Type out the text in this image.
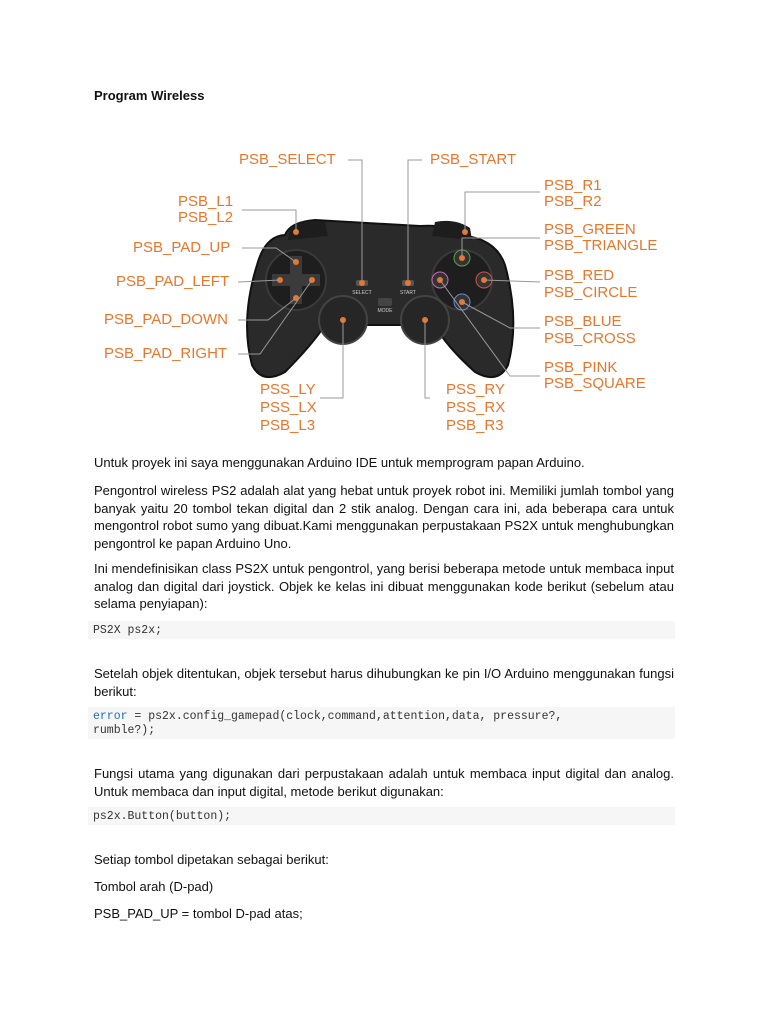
Program Wireless
SELECT	START
MODE
PSB_SELECT	PSB_START
PSB_L1
PSB_L2
PSB_PAD_UP
PSB_PAD_LEFT
PSB_PAD_DOWN
PSB_PAD_RIGHT
PSS_LY
PSS_LX
PSB_L3
PSS_RY
PSS_RX
PSB_R3
PSB_R1
PSB_R2
PSB_GREEN
PSB_TRIANGLE
PSB_RED
PSB_CIRCLE
PSB_BLUE
PSB_CROSS
PSB_PINK
PSB_SQUARE
Untuk proyek ini saya menggunakan Arduino IDE untuk memprogram papan Arduino.
Pengontrol wireless PS2 adalah alat yang hebat untuk proyek robot ini. Memiliki jumlah tombol yang banyak yaitu 20 tombol tekan digital dan 2 stik analog. Dengan cara ini, ada beberapa cara untuk mengontrol robot sumo yang dibuat.Kami menggunakan perpustakaan PS2X untuk menghubungkan pengontrol ke papan Arduino Uno.
Ini mendefinisikan class PS2X untuk pengontrol, yang berisi beberapa metode untuk membaca input analog dan digital dari joystick. Objek ke kelas ini dibuat menggunakan kode berikut (sebelum atau selama penyiapan):
PS2X ps2x;
Setelah objek ditentukan, objek tersebut harus dihubungkan ke pin I/O Arduino menggunakan fungsi berikut:
error = ps2x.config_gamepad(clock,command,attention,data, pressure?,
rumble?);
Fungsi utama yang digunakan dari perpustakaan adalah untuk membaca input digital dan analog. Untuk membaca dan input digital, metode berikut digunakan:
ps2x.Button(button);
Setiap tombol dipetakan sebagai berikut:
Tombol arah (D-pad)
PSB_PAD_UP = tombol D-pad atas;
